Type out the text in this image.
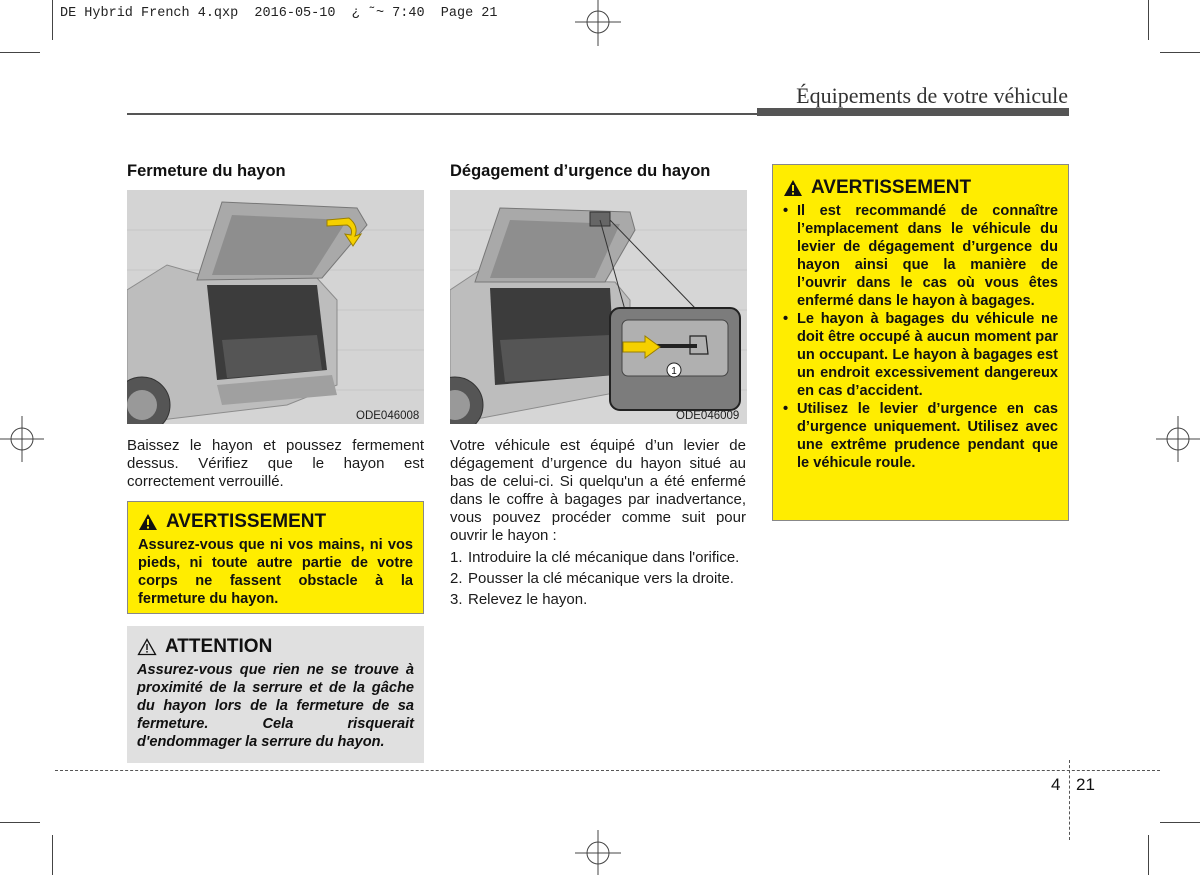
DE Hybrid French 4.qxp  2016-05-10  ¿ ˜~ 7:40  Page 21
Équipements de votre véhicule
Fermeture du hayon
ODE046008
Baissez le hayon et poussez fermement dessus. Vérifiez que le hayon est correctement verrouillé.
AVERTISSEMENT
Assurez-vous que ni vos mains, ni vos pieds, ni toute autre partie de votre corps ne fassent obstacle à la fermeture du hayon.
ATTENTION
Assurez-vous que rien ne se trouve à proximité de la serrure et de la gâche du hayon lors de la fermeture de sa fermeture. Cela risquerait d'endommager la serrure du hayon.
Dégagement d’urgence du hayon
1
ODE046009
Votre véhicule est équipé d’un levier de dégagement d’urgence du hayon situé au bas de celui-ci. Si quelqu'un a été enfermé dans le coffre à bagages par inadvertance, vous pouvez procéder comme suit pour ouvrir le hayon :
1. Introduire la clé mécanique dans l'orifice.
2. Pousser la clé mécanique vers la droite.
3. Relevez le hayon.
AVERTISSEMENT
• Il est recommandé de connaître l’emplacement dans le véhicule du levier de dégagement d’urgence du hayon ainsi que la manière de l’ouvrir dans le cas où vous êtes enfermé dans le hayon à bagages.
• Le hayon à bagages du véhicule ne doit être occupé à aucun moment par un occupant. Le hayon à bagages est un endroit excessivement dangereux en cas d’accident.
• Utilisez le levier d’urgence en cas d’urgence uniquement. Utilisez avec une extrême prudence pendant que le véhicule roule.
4 21
